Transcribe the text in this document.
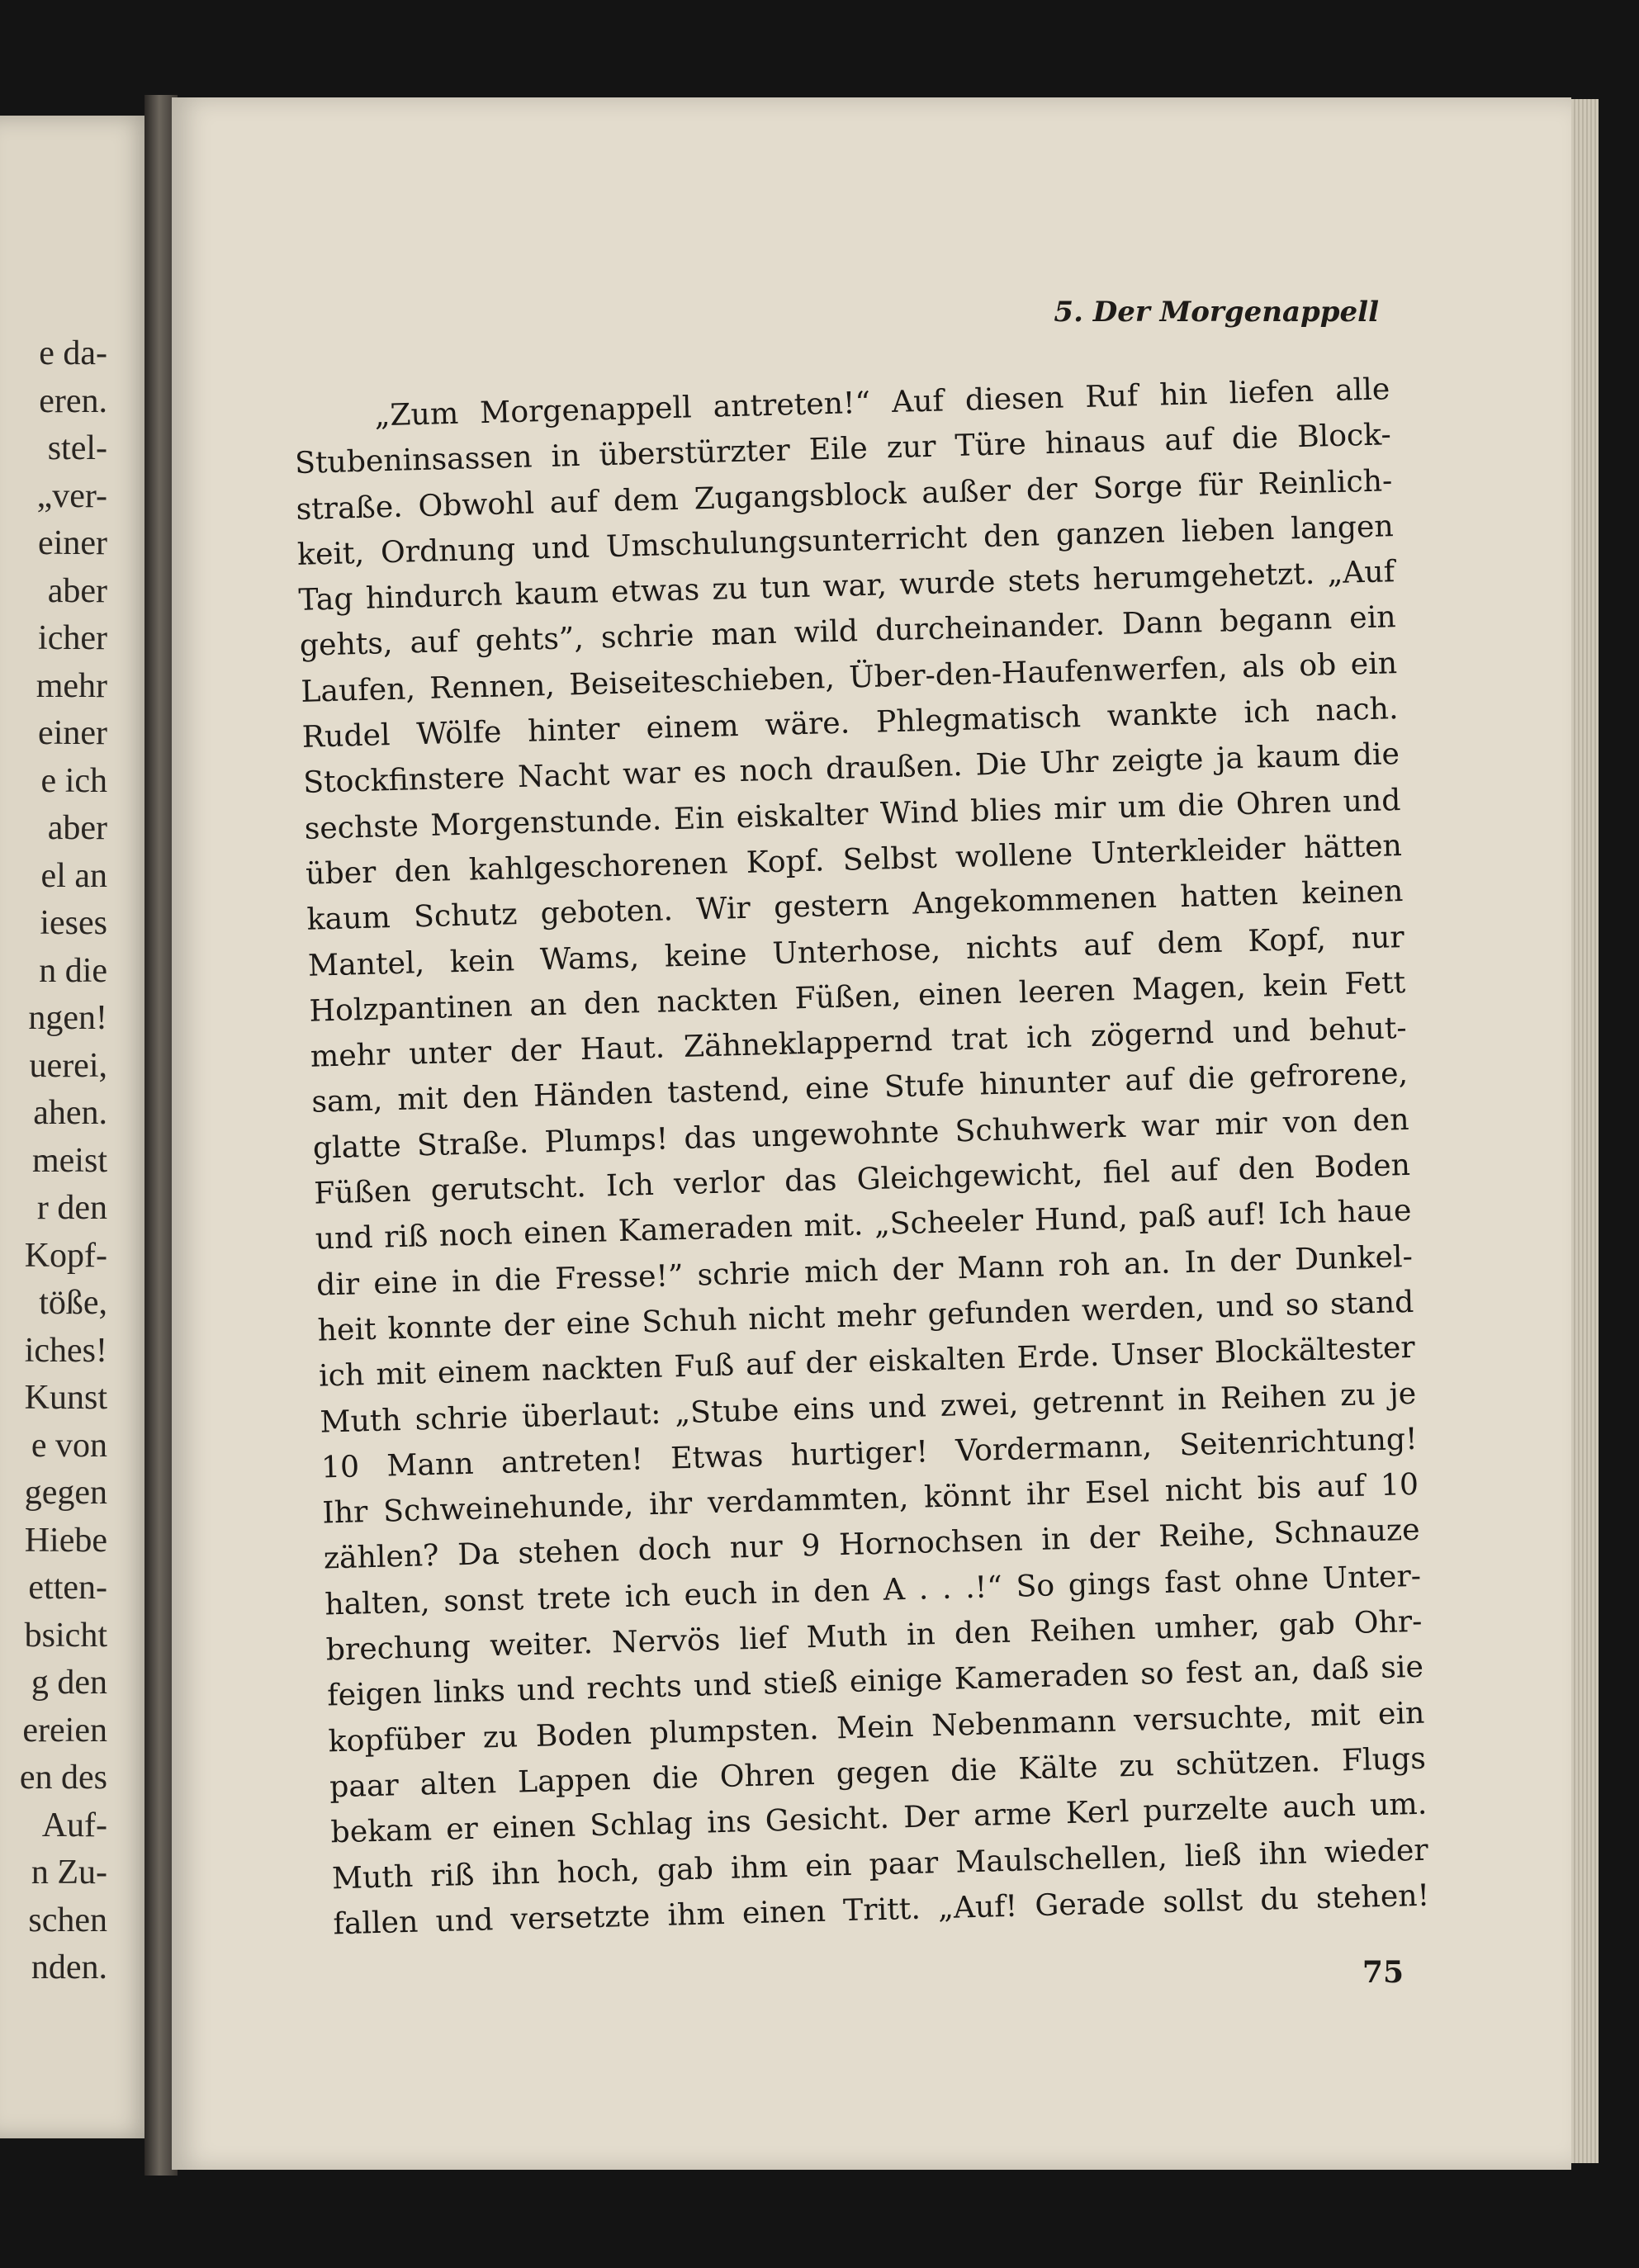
e da-
eren.
stel-
„ver-
einer
aber
icher
mehr
einer
e ich
aber
el an
ieses
n die
ngen!
uerei,
ahen.
meist
r den
Kopf-
töße,
iches!
Kunst
e von
gegen
Hiebe
etten-
bsicht
g den
ereien
en des
Auf-
n Zu-
schen
nden.
5. Der Morgenappell
„Zum Morgenappell antreten!“ Auf diesen Ruf hin liefen alle
Stubeninsassen in überstürzter Eile zur Türe hinaus auf die Block-
straße. Obwohl auf dem Zugangsblock außer der Sorge für Reinlich-
keit, Ordnung und Umschulungsunterricht den ganzen lieben langen
Tag hindurch kaum etwas zu tun war, wurde stets herumgehetzt. „Auf
gehts, auf gehts”, schrie man wild durcheinander. Dann begann ein
Laufen, Rennen, Beiseiteschieben, Über-den-Haufenwerfen, als ob ein
Rudel Wölfe hinter einem wäre. Phlegmatisch wankte ich nach.
Stockfinstere Nacht war es noch draußen. Die Uhr zeigte ja kaum die
sechste Morgenstunde. Ein eiskalter Wind blies mir um die Ohren und
über den kahlgeschorenen Kopf. Selbst wollene Unterkleider hätten
kaum Schutz geboten. Wir gestern Angekommenen hatten keinen
Mantel, kein Wams, keine Unterhose, nichts auf dem Kopf, nur
Holzpantinen an den nackten Füßen, einen leeren Magen, kein Fett
mehr unter der Haut. Zähneklappernd trat ich zögernd und behut-
sam, mit den Händen tastend, eine Stufe hinunter auf die gefrorene,
glatte Straße. Plumps! das ungewohnte Schuhwerk war mir von den
Füßen gerutscht. Ich verlor das Gleichgewicht, fiel auf den Boden
und riß noch einen Kameraden mit. „Scheeler Hund, paß auf! Ich haue
dir eine in die Fresse!” schrie mich der Mann roh an. In der Dunkel-
heit konnte der eine Schuh nicht mehr gefunden werden, und so stand
ich mit einem nackten Fuß auf der eiskalten Erde. Unser Blockältester
Muth schrie überlaut: „Stube eins und zwei, getrennt in Reihen zu je
10 Mann antreten! Etwas hurtiger! Vordermann, Seitenrichtung!
Ihr Schweinehunde, ihr verdammten, könnt ihr Esel nicht bis auf 10
zählen? Da stehen doch nur 9 Hornochsen in der Reihe, Schnauze
halten, sonst trete ich euch in den A . . .!“ So gings fast ohne Unter-
brechung weiter. Nervös lief Muth in den Reihen umher, gab Ohr-
feigen links und rechts und stieß einige Kameraden so fest an, daß sie
kopfüber zu Boden plumpsten. Mein Nebenmann versuchte, mit ein
paar alten Lappen die Ohren gegen die Kälte zu schützen. Flugs
bekam er einen Schlag ins Gesicht. Der arme Kerl purzelte auch um.
Muth riß ihn hoch, gab ihm ein paar Maulschellen, ließ ihn wieder
fallen und versetzte ihm einen Tritt. „Auf! Gerade sollst du stehen!
75
